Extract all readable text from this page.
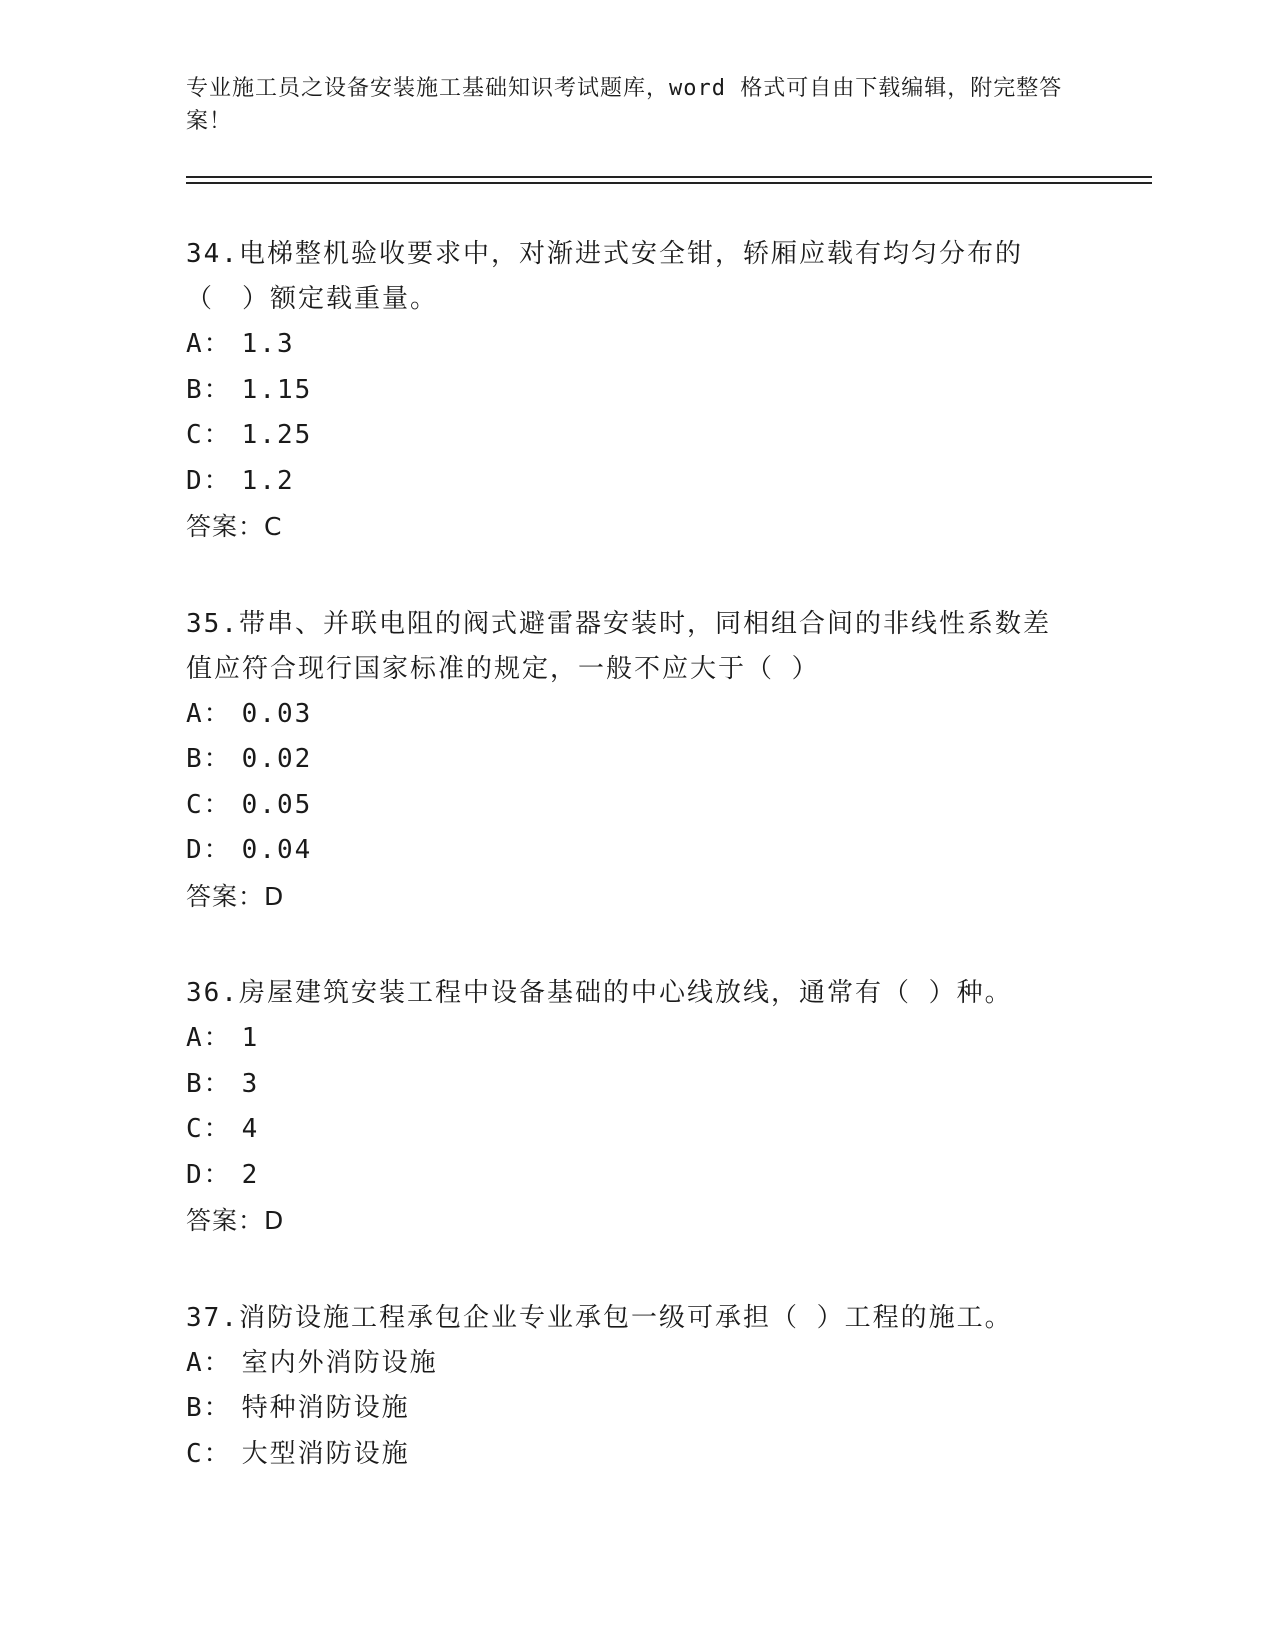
专业施工员之设备安装施工基础知识考试题库，word 格式可自由下载编辑，附完整答案！
34.电梯整机验收要求中，对渐进式安全钳，轿厢应载有均匀分布的（　）额定载重量。
A： 1.3
B： 1.15
C： 1.25
D： 1.2
答案：C
35.带串、并联电阻的阀式避雷器安装时，同相组合间的非线性系数差值应符合现行国家标准的规定，一般不应大于（ ）
A： 0.03
B： 0.02
C： 0.05
D： 0.04
答案：D
36.房屋建筑安装工程中设备基础的中心线放线，通常有（ ）种。
A： 1
B： 3
C： 4
D： 2
答案：D
37.消防设施工程承包企业专业承包一级可承担（ ）工程的施工。
A： 室内外消防设施
B： 特种消防设施
C： 大型消防设施
